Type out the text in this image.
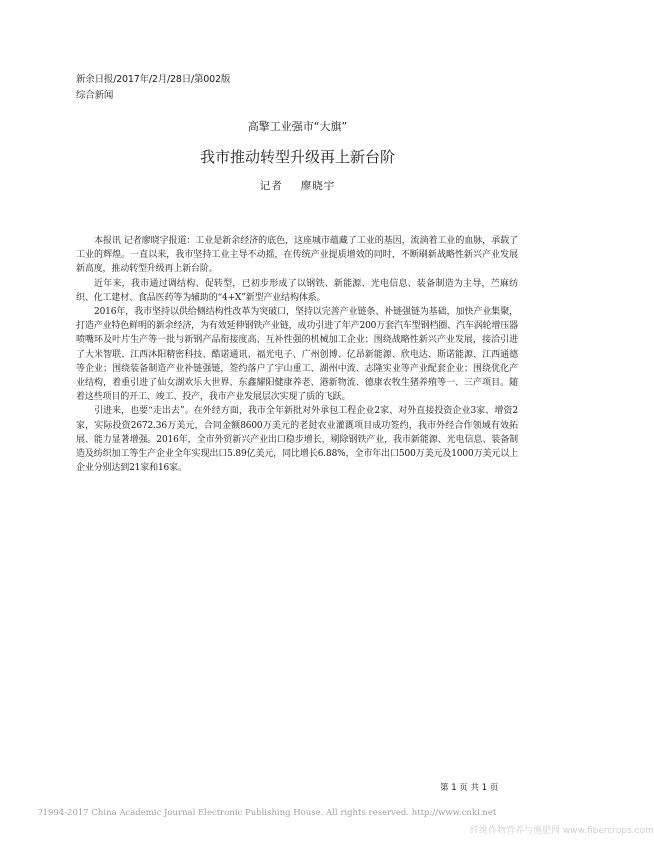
新余日报/2017年/2月/28日/第002版
综合新闻
高擎工业强市“大旗”
我市推动转型升级再上新台阶
记者 廖晓宇

本报讯 记者廖晓宇报道：工业是新余经济的底色，这座城市蕴藏了工业的基因，流淌着工业的血脉，承载了工业的辉煌。一直以来，我市坚持工业主导不动摇，在传统产业提质增效的同时，不断刷新战略性新兴产业发展新高度，推动转型升级再上新台阶。

近年来，我市通过调结构、促转型，已初步形成了以钢铁、新能源、光电信息、装备制造为主导，苎麻纺织、化工建材、食品医药等为辅助的“4+X”新型产业结构体系。

2016年，我市坚持以供给侧结构性改革为突破口，坚持以完善产业链条、补链强链为基础，加快产业集聚，打造产业特色鲜明的新余经济，为有效延伸钢铁产业链，成功引进了年产200万套汽车型钢档圈、汽车涡轮增压器喷嘴环及叶片生产等一批与新钢产品衔接度高、互补性强的机械加工企业；围绕战略性新兴产业发展，接洽引进了大米智联、江西沐阳精密科技、酷诺通讯、福光电子、广州创博、亿昂新能源、欣电达、斯诺能源、江西通德等企业；围绕装备制造产业补链强链，签约落户了宇山重工、湖州中流、志隆实业等产业配套企业；围绕优化产业结构，着重引进了仙女湖欢乐大世界、东鑫耀阳健康养老、港新物流、德康农牧生猪养殖等一、三产项目。随着这些项目的开工、竣工、投产，我市产业发展层次实现了质的飞跃。

引进来，也要“走出去”。在外经方面，我市全年新批对外承包工程企业2家、对外直接投资企业3家、增资2家，实际投资2672.36万美元，合同金额8600万美元的老挝农业灌溉项目成功签约，我市外经合作领域有效拓展、能力显著增强。2016年，全市外贸新兴产业出口稳步增长，剔除钢铁产业，我市新能源、光电信息、装备制造及纺织加工等生产企业全年实现出口5.89亿美元，同比增长6.88%，全市年出口500万美元及1000万美元以上企业分别达到21家和16家。

第 1 页 共 1 页
?1994-2017 China Academic Journal Electronic Publishing House. All rights reserved. http://www.cnki.net
纤维作物营养与施肥网 www.fibercrops.com
